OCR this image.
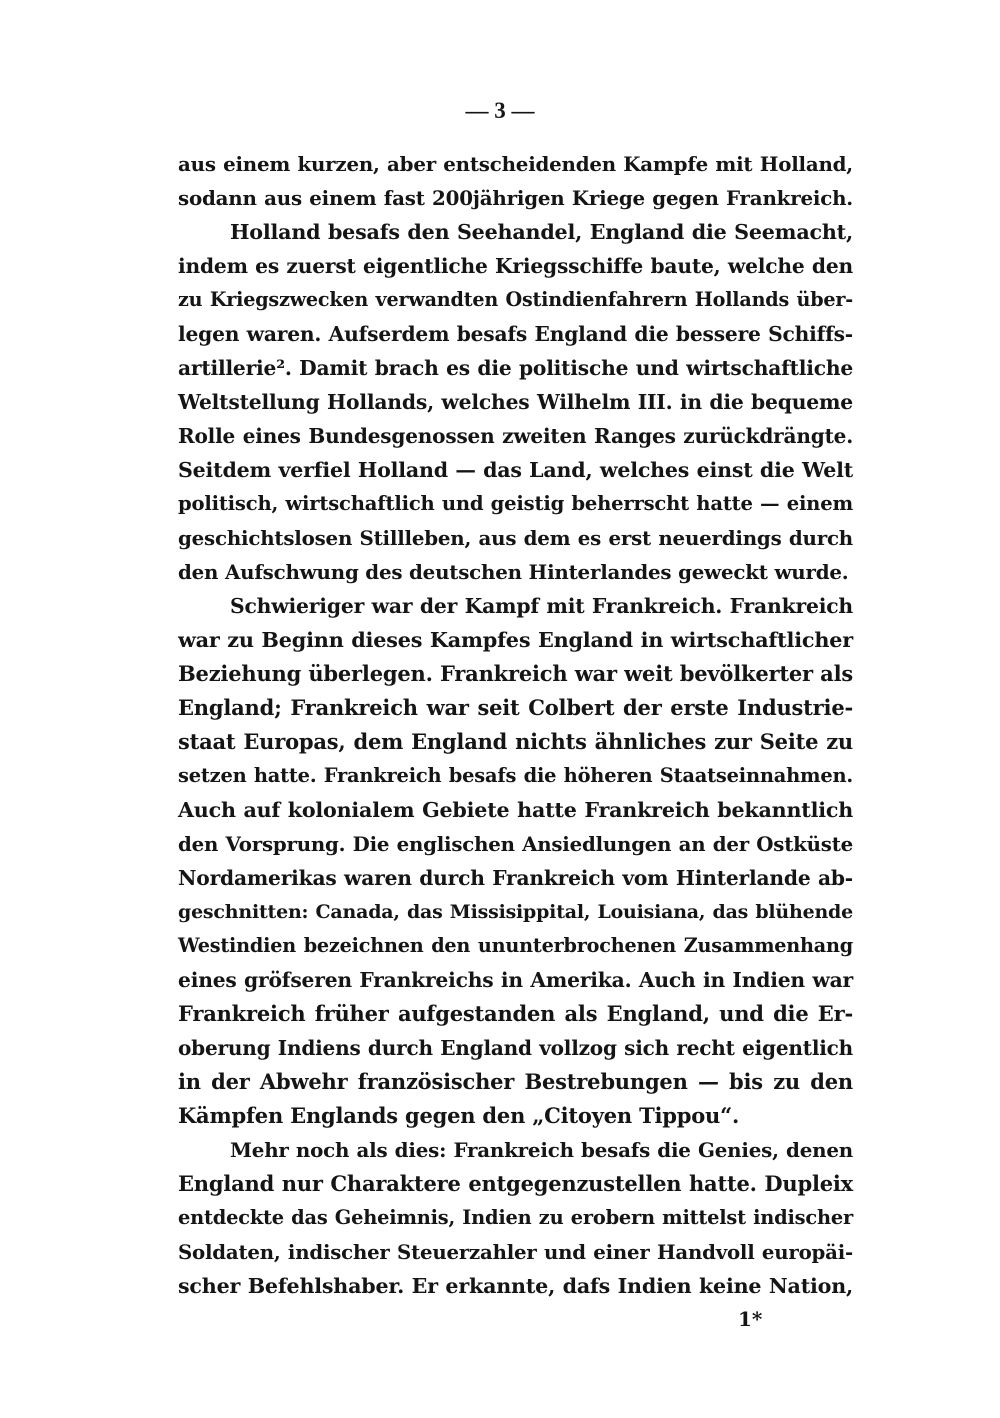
— 3 —
aus einem kurzen, aber entscheidenden Kampfe mit Holland,
sodann aus einem fast 200jährigen Kriege gegen Frankreich.
Holland besafs den Seehandel, England die Seemacht,
indem es zuerst eigentliche Kriegsschiffe baute, welche den
zu Kriegszwecken verwandten Ostindienfahrern Hollands über-
legen waren. Aufserdem besafs England die bessere Schiffs-
artillerie². Damit brach es die politische und wirtschaftliche
Weltstellung Hollands, welches Wilhelm III. in die bequeme
Rolle eines Bundesgenossen zweiten Ranges zurückdrängte.
Seitdem verfiel Holland — das Land, welches einst die Welt
politisch, wirtschaftlich und geistig beherrscht hatte — einem
geschichtslosen Stillleben, aus dem es erst neuerdings durch
den Aufschwung des deutschen Hinterlandes geweckt wurde.
Schwieriger war der Kampf mit Frankreich. Frankreich
war zu Beginn dieses Kampfes England in wirtschaftlicher
Beziehung überlegen. Frankreich war weit bevölkerter als
England; Frankreich war seit Colbert der erste Industrie-
staat Europas, dem England nichts ähnliches zur Seite zu
setzen hatte. Frankreich besafs die höheren Staatseinnahmen.
Auch auf kolonialem Gebiete hatte Frankreich bekanntlich
den Vorsprung. Die englischen Ansiedlungen an der Ostküste
Nordamerikas waren durch Frankreich vom Hinterlande ab-
geschnitten: Canada, das Missisippital, Louisiana, das blühende
Westindien bezeichnen den ununterbrochenen Zusammenhang
eines gröfseren Frankreichs in Amerika. Auch in Indien war
Frankreich früher aufgestanden als England, und die Er-
oberung Indiens durch England vollzog sich recht eigentlich
in der Abwehr französischer Bestrebungen — bis zu den
Kämpfen Englands gegen den „Citoyen Tippou“.
Mehr noch als dies: Frankreich besafs die Genies, denen
England nur Charaktere entgegenzustellen hatte. Dupleix
entdeckte das Geheimnis, Indien zu erobern mittelst indischer
Soldaten, indischer Steuerzahler und einer Handvoll europäi-
scher Befehlshaber. Er erkannte, dafs Indien keine Nation,
1*
